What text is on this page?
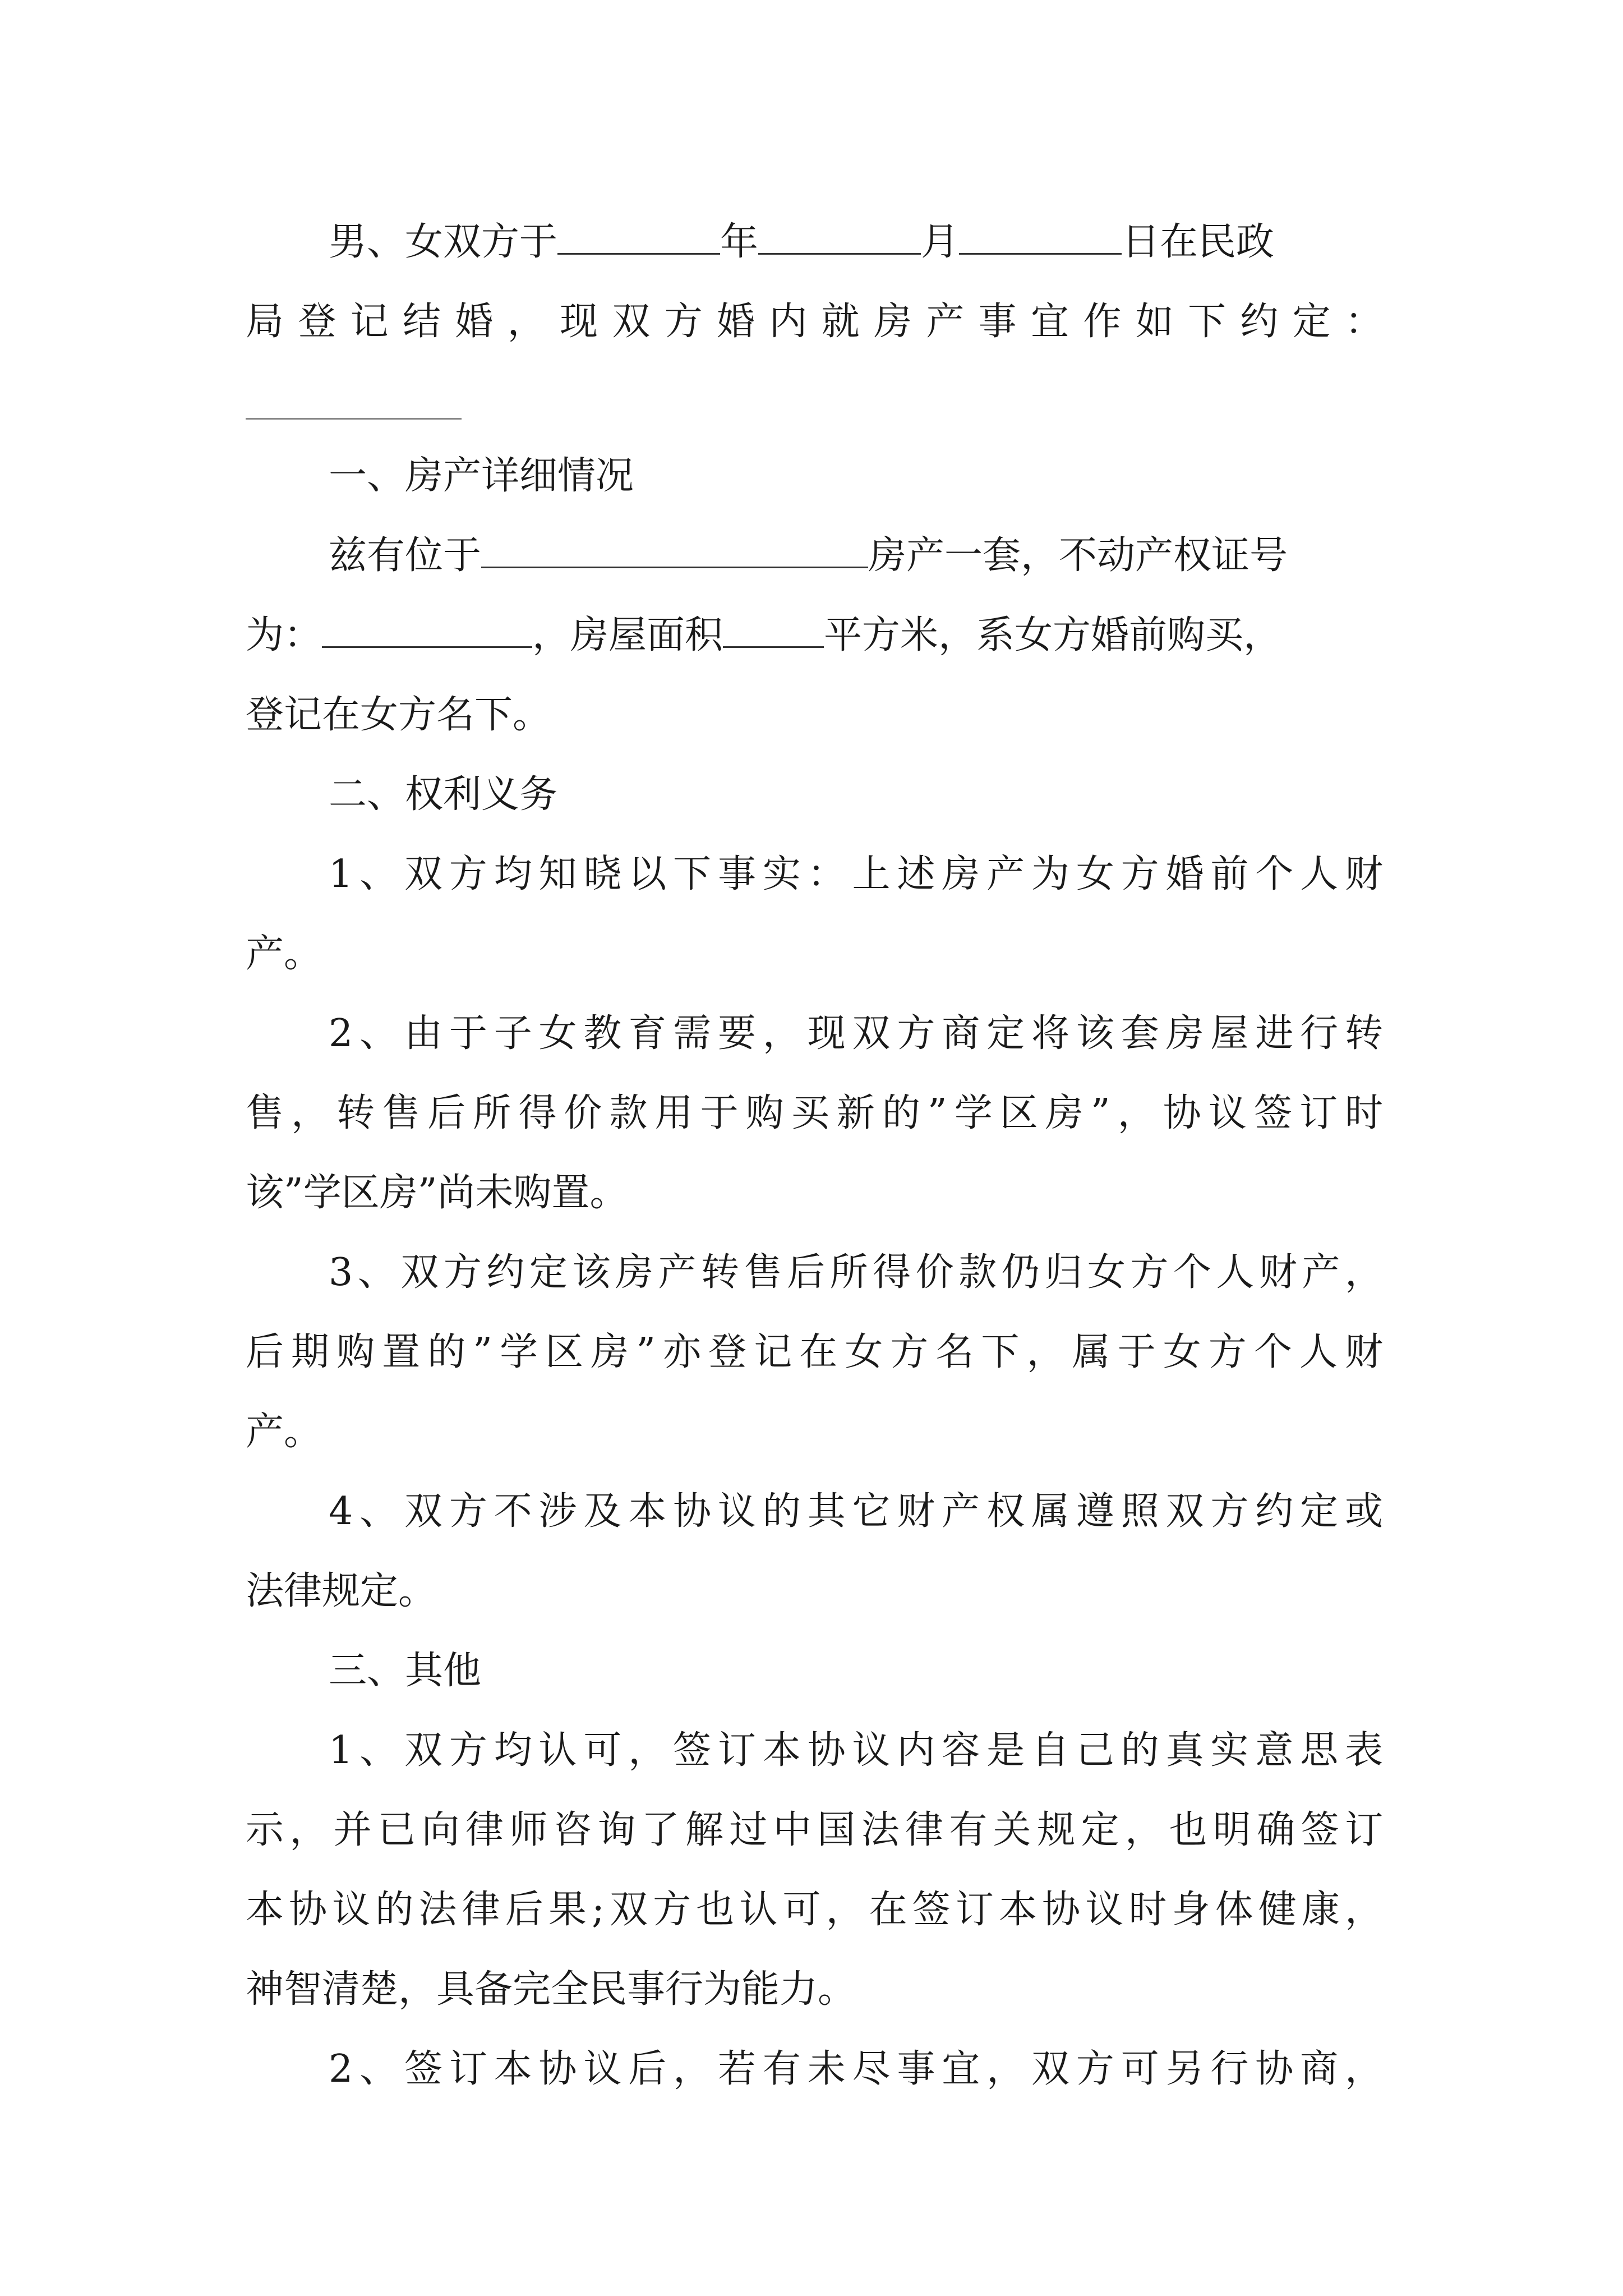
男、女双方于	年	月	日在民政
局登记结婚，现双方婚内就房产事宜作如下约定：
一、房产详细情况
兹有位于	房产一套，不动产权证号
为：	，房屋面积	平方米，系女方婚前购买，
登记在女方名下。
二、权利义务
1、双方均知晓以下事实：上述房产为女方婚前个人财
产。
2、由于子女教育需要，现双方商定将该套房屋进行转
售，转售后所得价款用于购买新的”学区房”，协议签订时
该”学区房”尚未购置。
3、双方约定该房产转售后所得价款仍归女方个人财产，
后期购置的”学区房”亦登记在女方名下，属于女方个人财
产。
4、双方不涉及本协议的其它财产权属遵照双方约定或
法律规定。
三、其他
1、双方均认可，签订本协议内容是自己的真实意思表
示，并已向律师咨询了解过中国法律有关规定，也明确签订
本协议的法律后果;双方也认可，在签订本协议时身体健康，
神智清楚，具备完全民事行为能力。
2、签订本协议后，若有未尽事宜，双方可另行协商，
